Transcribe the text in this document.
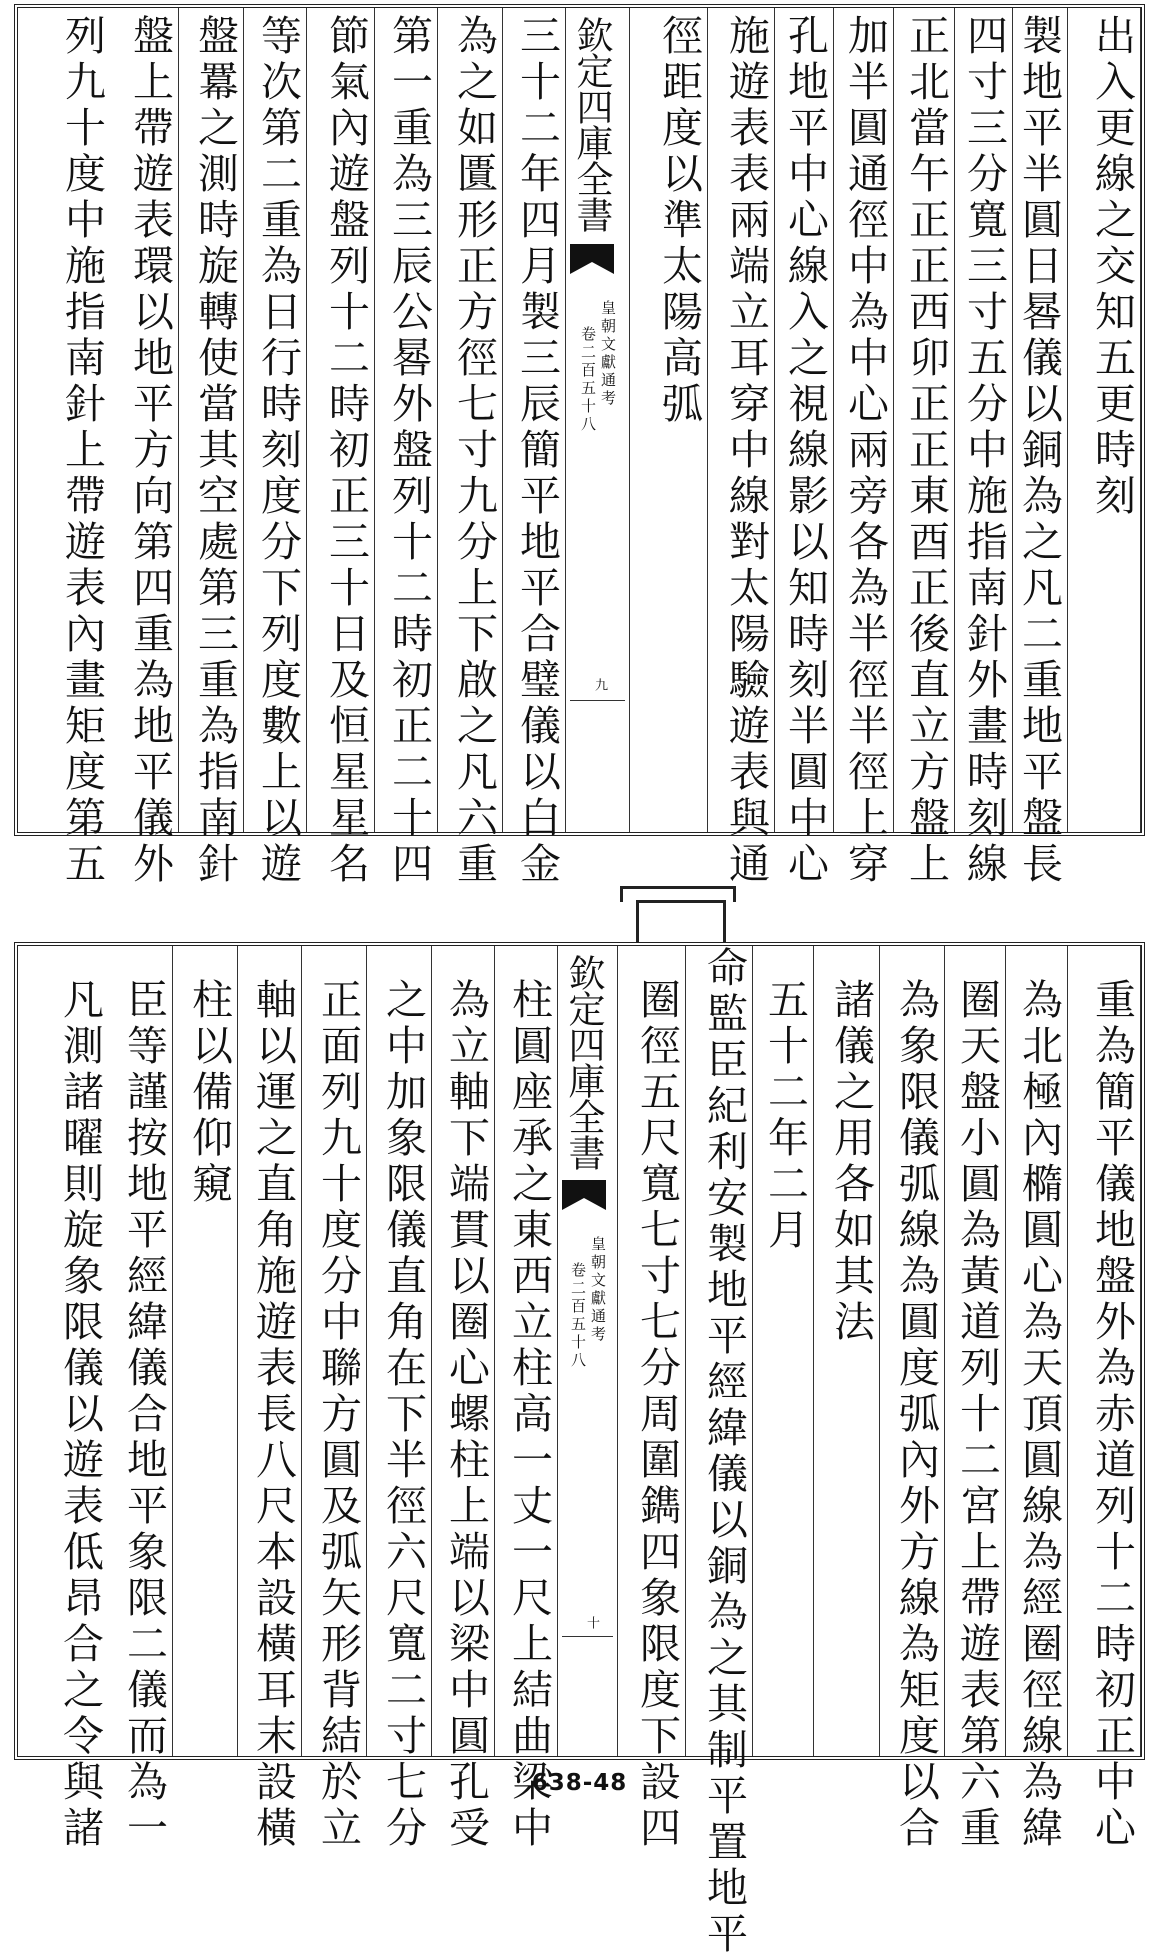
出入更線之交知五更時刻
製地平半圓日晷儀以銅為之凡二重地平盤長
四寸三分寬三寸五分中施指南針外畫時刻線
正北當午正正西卯正正東酉正後直立方盤上
加半圓通徑中為中心兩旁各為半徑半徑上穿
孔地平中心線入之視線影以知時刻半圓中心
施遊表表兩端立耳穿中線對太陽驗遊表與通
徑距度以準太陽高弧
欽定四庫全書
皇朝文獻通考
卷二百五十八
九
三十二年四月製三辰簡平地平合璧儀以白金
為之如匱形正方徑七寸九分上下啟之凡六重
第一重為三辰公晷外盤列十二時初正二十四
節氣內遊盤列十二時初正三十日及恒星星名
等次第二重為日行時刻度分下列度數上以遊
盤羃之測時旋轉使當其空處第三重為指南針
盤上帶遊表環以地平方向第四重為地平儀外
列九十度中施指南針上帶遊表內畫矩度第五
重為簡平儀地盤外為赤道列十二時初正中心
為北極內橢圓心為天頂圓線為經圈徑線為緯
圈天盤小圓為黃道列十二宮上帶遊表第六重
為象限儀弧線為圓度弧內外方線為矩度以合
諸儀之用各如其法
五十二年二月
命監臣紀利安製地平經緯儀以銅為之其制平置地平
圈徑五尺寬七寸七分周圍鐫四象限度下設四
欽定四庫全書
皇朝文獻通考
卷二百五十八
十
柱圓座承之東西立柱高一丈一尺上結曲梁中
為立軸下端貫以圈心螺柱上端以梁中圓孔受
之中加象限儀直角在下半徑六尺寬二寸七分
正面列九十度分中聯方圓及弧矢形背結於立
軸以運之直角施遊表長八尺本設橫耳末設橫
柱以備仰窺
臣等謹按地平經緯儀合地平象限二儀而為一
凡測諸曜則旋象限儀以遊表低昂合之令與諸	638-48
